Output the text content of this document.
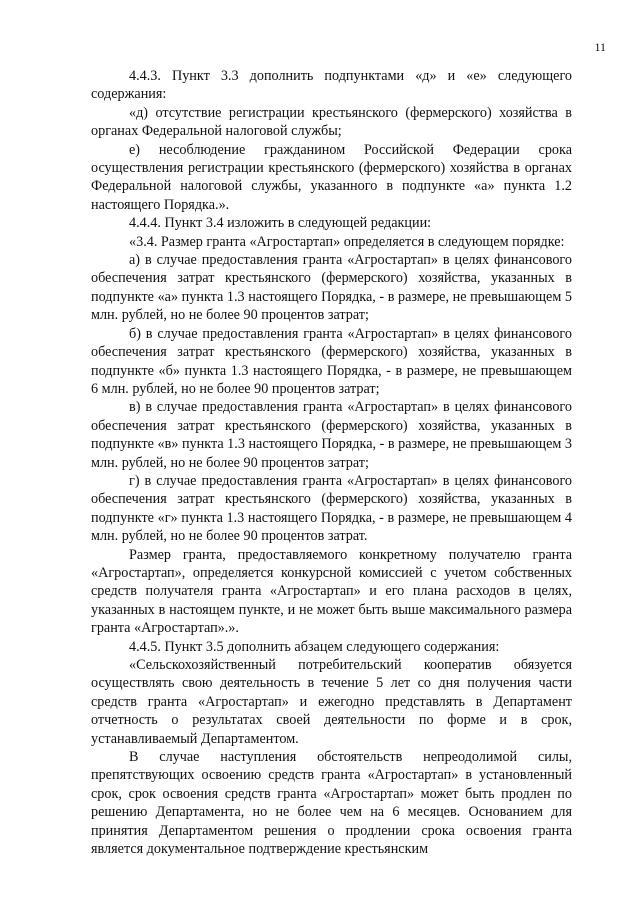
11

4.4.3. Пункт 3.3 дополнить подпунктами «д» и «е» следующего содержания:

«д) отсутствие регистрации крестьянского (фермерского) хозяйства в органах Федеральной налоговой службы;

е) несоблюдение гражданином Российской Федерации срока осуществления регистрации крестьянского (фермерского) хозяйства в органах Федеральной налоговой службы, указанного в подпункте «а» пункта 1.2 настоящего Порядка.».

4.4.4. Пункт 3.4 изложить в следующей редакции:

«3.4. Размер гранта «Агростартап» определяется в следующем порядке:

а) в случае предоставления гранта «Агростартап» в целях финансового обеспечения затрат крестьянского (фермерского) хозяйства, указанных в подпункте «а» пункта 1.3 настоящего Порядка, - в размере, не превышающем 5 млн. рублей, но не более 90 процентов затрат;

б) в случае предоставления гранта «Агростартап» в целях финансового обеспечения затрат крестьянского (фермерского) хозяйства, указанных в подпункте «б» пункта 1.3 настоящего Порядка, - в размере, не превышающем 6 млн. рублей, но не более 90 процентов затрат;

в) в случае предоставления гранта «Агростартап» в целях финансового обеспечения затрат крестьянского (фермерского) хозяйства, указанных в подпункте «в» пункта 1.3 настоящего Порядка, - в размере, не превышающем 3 млн. рублей, но не более 90 процентов затрат;

г) в случае предоставления гранта «Агростартап» в целях финансового обеспечения затрат крестьянского (фермерского) хозяйства, указанных в подпункте «г» пункта 1.3 настоящего Порядка, - в размере, не превышающем 4 млн. рублей, но не более 90 процентов затрат.

Размер гранта, предоставляемого конкретному получателю гранта «Агростартап», определяется конкурсной комиссией с учетом собственных средств получателя гранта «Агростартап» и его плана расходов в целях, указанных в настоящем пункте, и не может быть выше максимального размера гранта «Агростартап».».

4.4.5. Пункт 3.5 дополнить абзацем следующего содержания:

«Сельскохозяйственный потребительский кооператив обязуется осуществлять свою деятельность в течение 5 лет со дня получения части средств гранта «Агростартап» и ежегодно представлять в Департамент отчетность о результатах своей деятельности по форме и в срок, устанавливаемый Департаментом.

В случае наступления обстоятельств непреодолимой силы, препятствующих освоению средств гранта «Агростартап» в установленный срок, срок освоения средств гранта «Агростартап» может быть продлен по решению Департамента, но не более чем на 6 месяцев. Основанием для принятия Департаментом решения о продлении срока освоения гранта является документальное подтверждение крестьянским
